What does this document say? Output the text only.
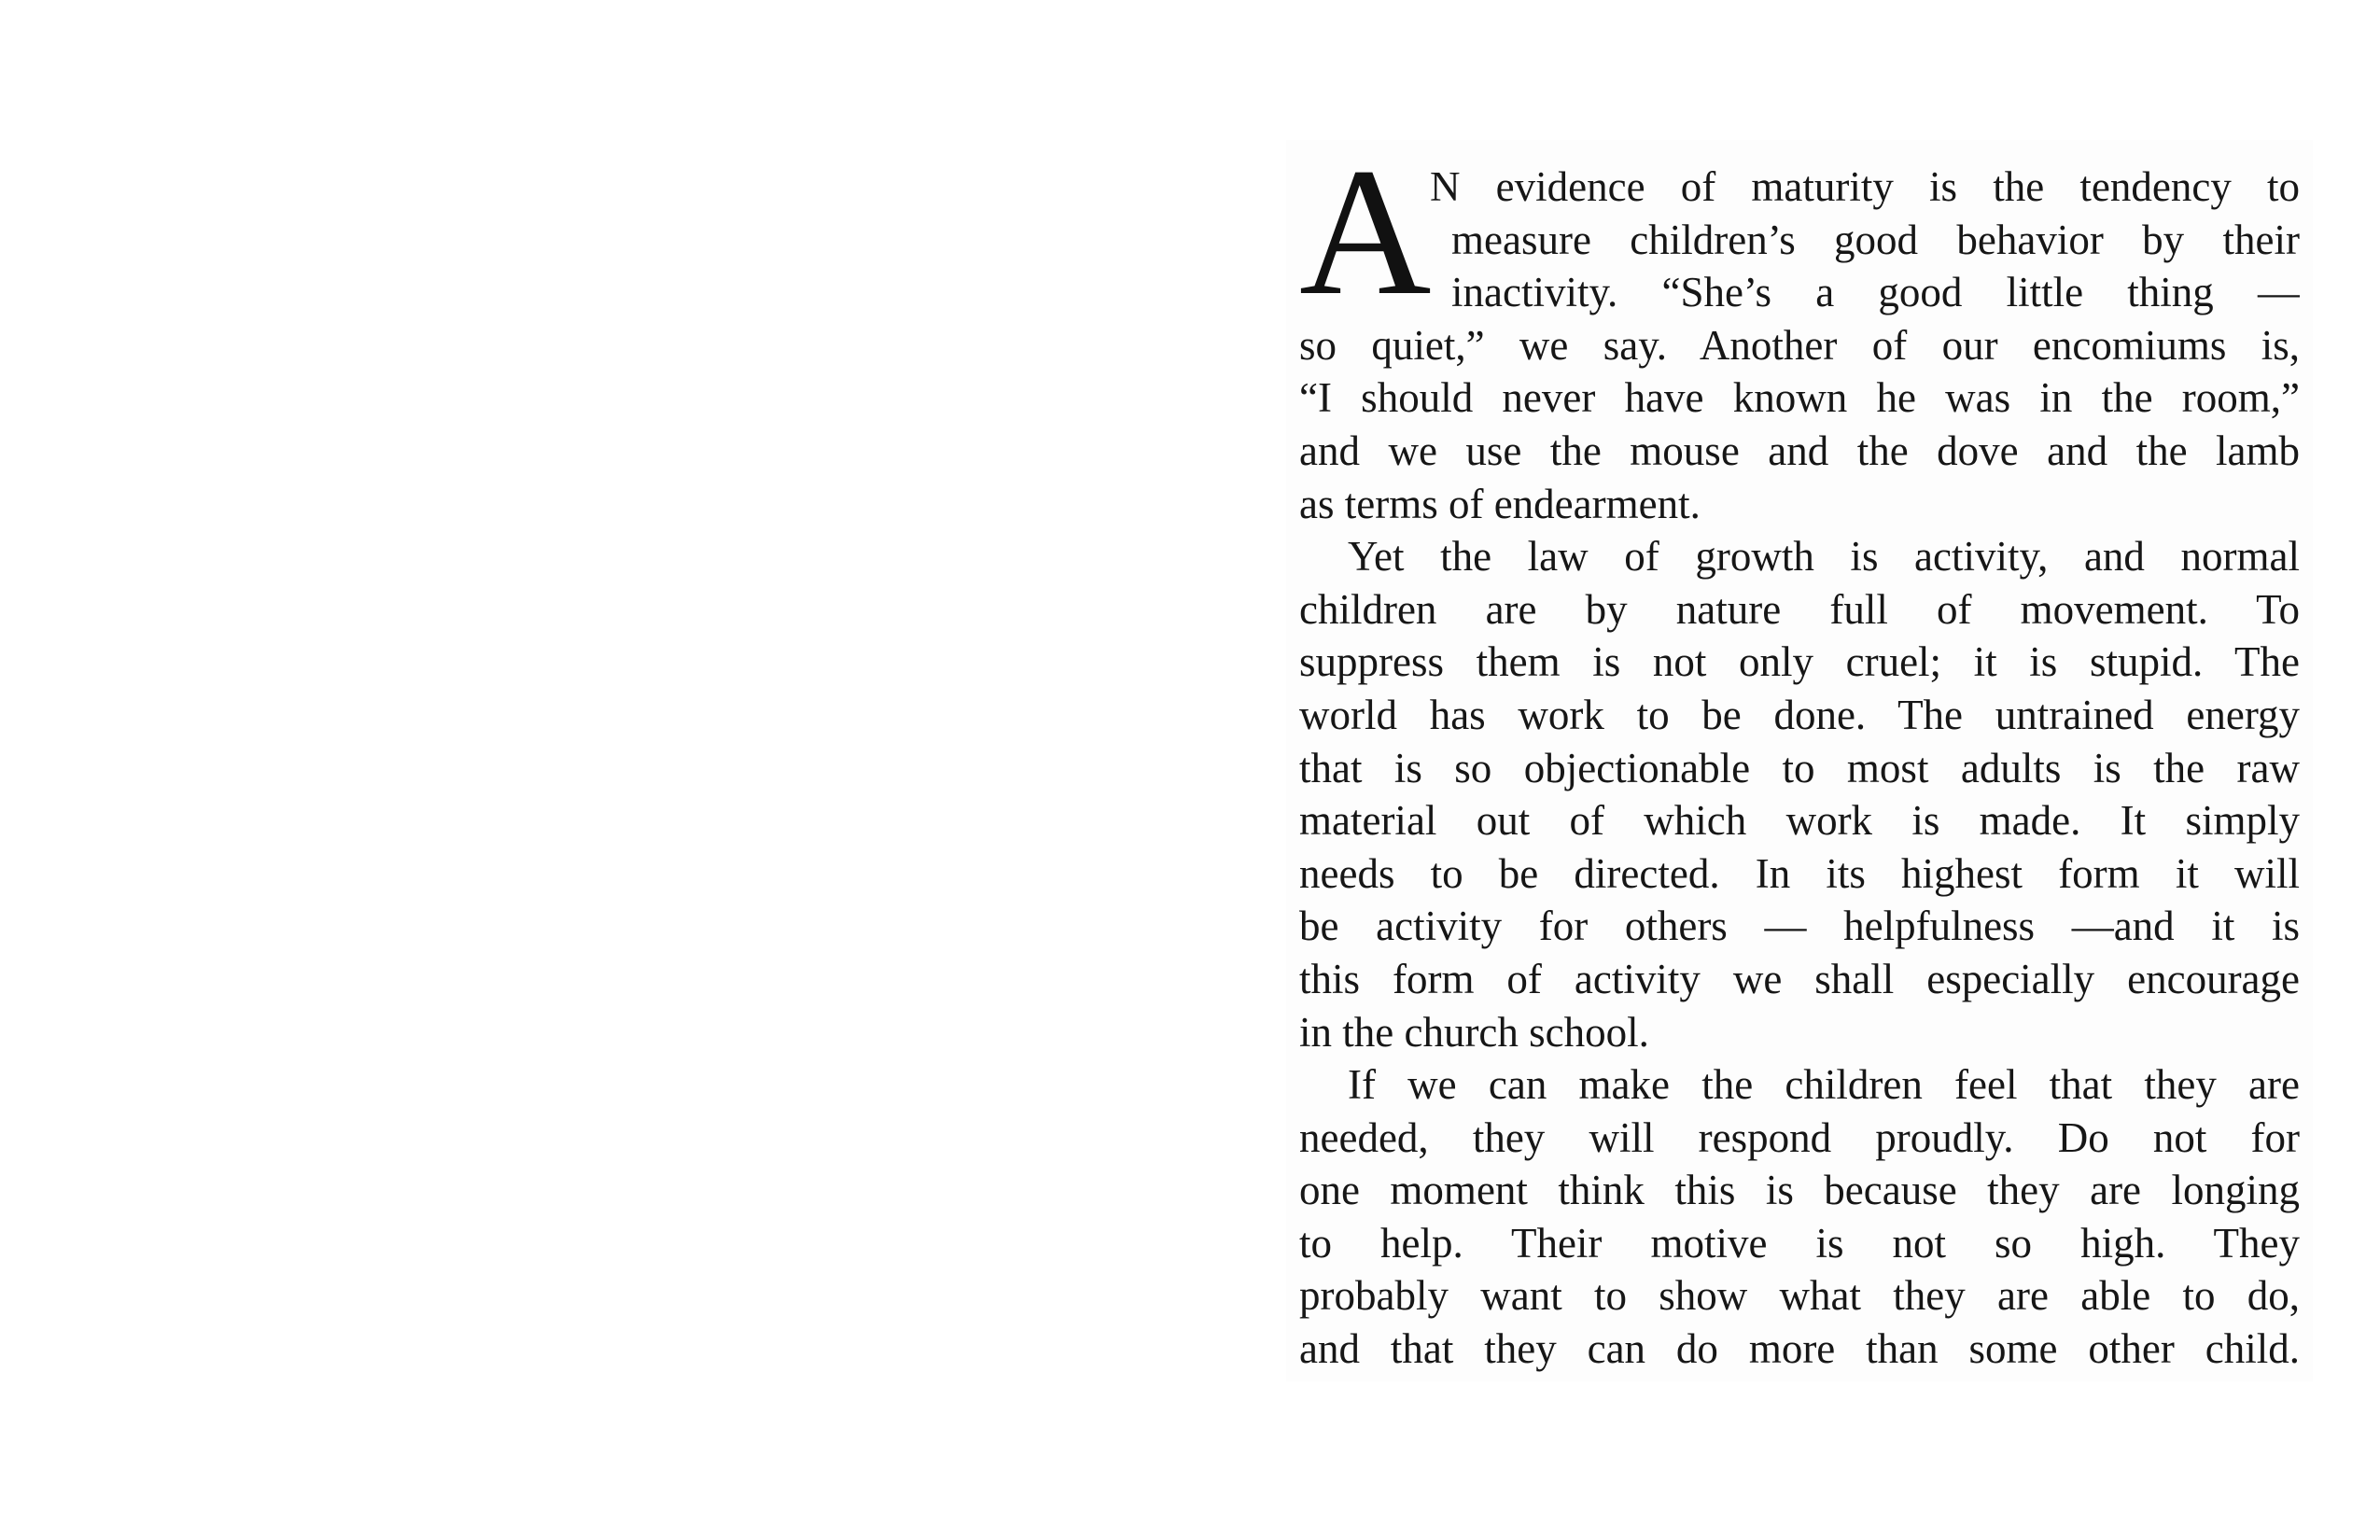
A
N evidence of maturity is the tendency to
measure children’s good behavior by their
inactivity. “She’s a good little thing —
so quiet,” we say. Another of our encomiums is,
“I should never have known he was in the room,”
and we use the mouse and the dove and the lamb
as terms of endearment.
Yet the law of growth is activity, and normal
children are by nature full of movement. To
suppress them is not only cruel; it is stupid. The
world has work to be done. The untrained energy
that is so objectionable to most adults is the raw
material out of which work is made. It simply
needs to be directed. In its highest form it will
be activity for others — helpfulness —and it is
this form of activity we shall especially encourage
in the church school.
If we can make the children feel that they are
needed, they will respond proudly. Do not for
one moment think this is because they are longing
to help. Their motive is not so high. They
probably want to show what they are able to do,
and that they can do more than some other child.
